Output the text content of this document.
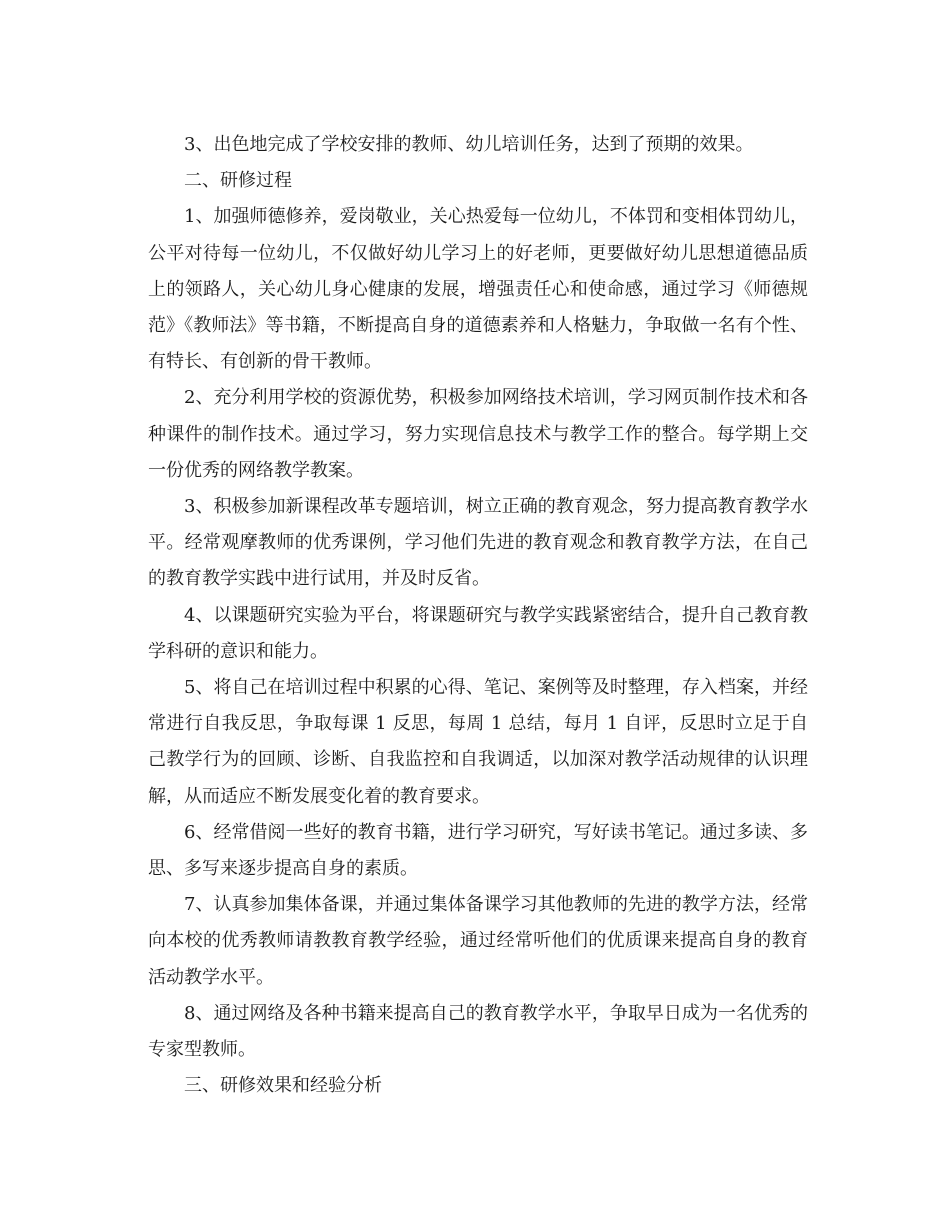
3、出色地完成了学校安排的教师、幼儿培训任务，达到了预期的效果。

二、研修过程

1、加强师德修养，爱岗敬业，关心热爱每一位幼儿，不体罚和变相体罚幼儿，公平对待每一位幼儿，不仅做好幼儿学习上的好老师，更要做好幼儿思想道德品质上的领路人，关心幼儿身心健康的发展，增强责任心和使命感，通过学习《师德规范》《教师法》等书籍，不断提高自身的道德素养和人格魅力，争取做一名有个性、有特长、有创新的骨干教师。

2、充分利用学校的资源优势，积极参加网络技术培训，学习网页制作技术和各种课件的制作技术。通过学习，努力实现信息技术与教学工作的整合。每学期上交一份优秀的网络教学教案。

3、积极参加新课程改革专题培训，树立正确的教育观念，努力提高教育教学水平。经常观摩教师的优秀课例，学习他们先进的教育观念和教育教学方法，在自己的教育教学实践中进行试用，并及时反省。

4、以课题研究实验为平台，将课题研究与教学实践紧密结合，提升自己教育教学科研的意识和能力。

5、将自己在培训过程中积累的心得、笔记、案例等及时整理，存入档案，并经常进行自我反思，争取每课 1 反思，每周 1 总结，每月 1 自评，反思时立足于自己教学行为的回顾、诊断、自我监控和自我调适，以加深对教学活动规律的认识理解，从而适应不断发展变化着的教育要求。

6、经常借阅一些好的教育书籍，进行学习研究，写好读书笔记。通过多读、多思、多写来逐步提高自身的素质。

7、认真参加集体备课，并通过集体备课学习其他教师的先进的教学方法，经常向本校的优秀教师请教教育教学经验，通过经常听他们的优质课来提高自身的教育活动教学水平。

8、通过网络及各种书籍来提高自己的教育教学水平，争取早日成为一名优秀的专家型教师。

三、研修效果和经验分析
